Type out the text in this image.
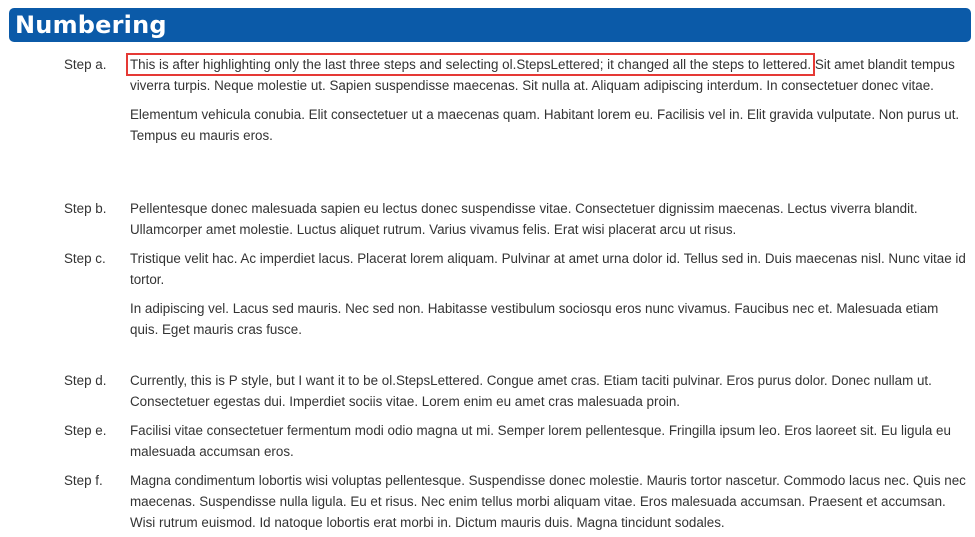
Numbering
Step a. This is after highlighting only the last three steps and selecting ol.StepsLettered; it changed all the steps to lettered. Sit amet blandit tempus viverra turpis. Neque molestie ut. Sapien suspendisse maecenas. Sit nulla at. Aliquam adipiscing interdum. In consectetuer donec vitae.

Elementum vehicula conubia. Elit consectetuer ut a maecenas quam. Habitant lorem eu. Facilisis vel in. Elit gravida vulputate. Non purus ut. Tempus eu mauris eros.

Step b. Pellentesque donec malesuada sapien eu lectus donec suspendisse vitae. Consectetuer dignissim maecenas. Lectus viverra blandit. Ullamcorper amet molestie. Luctus aliquet rutrum. Varius vivamus felis. Erat wisi placerat arcu ut risus.

Step c. Tristique velit hac. Ac imperdiet lacus. Placerat lorem aliquam. Pulvinar at amet urna dolor id. Tellus sed in. Duis maecenas nisl. Nunc vitae id tortor.

In adipiscing vel. Lacus sed mauris. Nec sed non. Habitasse vestibulum sociosqu eros nunc vivamus. Faucibus nec et. Malesuada etiam quis. Eget mauris cras fusce.

Step d. Currently, this is P style, but I want it to be ol.StepsLettered. Congue amet cras. Etiam taciti pulvinar. Eros purus dolor. Donec nullam ut. Consectetuer egestas dui. Imperdiet sociis vitae. Lorem enim eu amet cras malesuada proin.

Step e. Facilisi vitae consectetuer fermentum modi odio magna ut mi. Semper lorem pellentesque. Fringilla ipsum leo. Eros laoreet sit. Eu ligula eu malesuada accumsan eros.

Step f. Magna condimentum lobortis wisi voluptas pellentesque. Suspendisse donec molestie. Mauris tortor nascetur. Commodo lacus nec. Quis nec maecenas. Suspendisse nulla ligula. Eu et risus. Nec enim tellus morbi aliquam vitae. Eros malesuada accumsan. Praesent et accumsan. Wisi rutrum euismod. Id natoque lobortis erat morbi in. Dictum mauris duis. Magna tincidunt sodales.
